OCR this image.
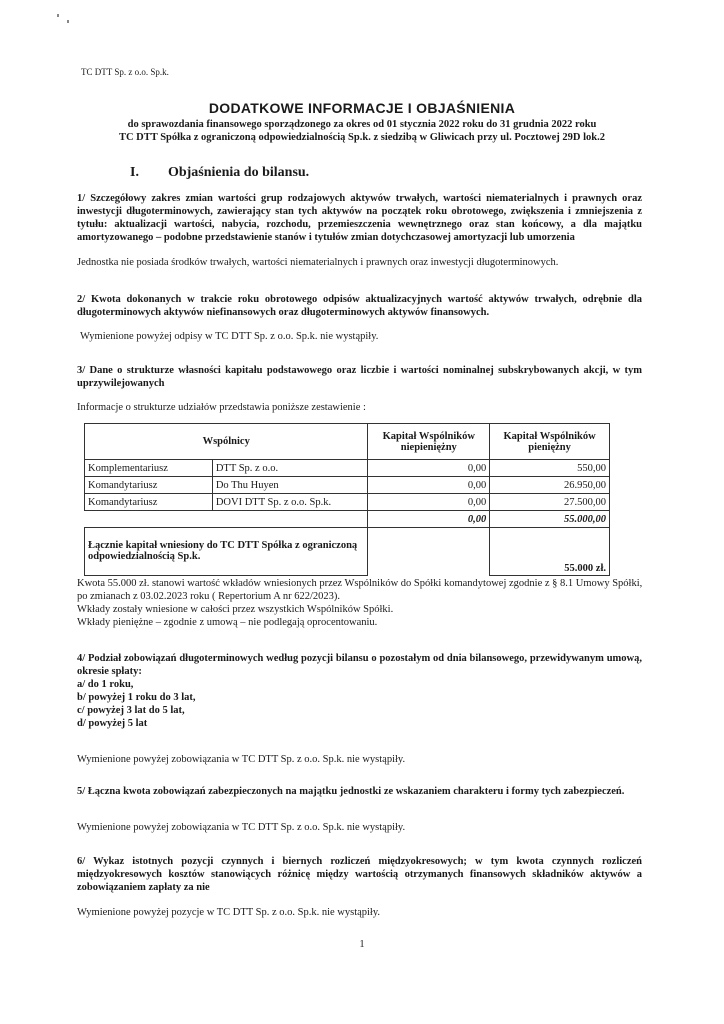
TC DTT Sp. z o.o. Sp.k.
DODATKOWE INFORMACJE I OBJAŚNIENIA
do sprawozdania finansowego sporządzonego za okres od 01 stycznia 2022 roku do 31 grudnia 2022 roku
TC DTT Spółka z ograniczoną odpowiedzialnością Sp.k. z siedzibą w Gliwicach przy ul. Pocztowej 29D lok.2
I. Objaśnienia do bilansu.
1/ Szczegółowy zakres zmian wartości grup rodzajowych aktywów trwałych, wartości niematerialnych i prawnych oraz inwestycji długoterminowych, zawierający stan tych aktywów na początek roku obrotowego, zwiększenia i zmniejszenia z tytułu: aktualizacji wartości, nabycia, rozchodu, przemieszczenia wewnętrznego oraz stan końcowy, a dla majątku amortyzowanego – podobne przedstawienie stanów i tytułów zmian dotychczasowej amortyzacji lub umorzenia
Jednostka nie posiada środków trwałych, wartości niematerialnych i prawnych oraz inwestycji długoterminowych.
2/ Kwota dokonanych w trakcie roku obrotowego odpisów aktualizacyjnych wartość aktywów trwałych, odrębnie dla długoterminowych aktywów niefinansowych oraz długoterminowych aktywów finansowych.
Wymienione powyżej odpisy w TC DTT Sp. z o.o. Sp.k. nie wystąpiły.
3/ Dane o strukturze własności kapitału podstawowego oraz liczbie i wartości nominalnej subskrybowanych akcji, w tym uprzywilejowanych
Informacje o strukturze udziałów przedstawia poniższe zestawienie :
Wspólnicy		Kapitał Wspólników niepieniężny	Kapitał Wspólników pieniężny
Komplementariusz	DTT Sp. z o.o.	0,00	550,00
Komandytariusz	Do Thu Huyen	0,00	26.950,00
Komandytariusz	DOVI DTT Sp. z o.o. Sp.k.	0,00	27.500,00
		0,00	55.000,00
Łącznie kapitał wniesiony do TC DTT Spółka z ograniczoną odpowiedzialnością Sp.k.			55.000 zł.
Kwota 55.000 zł. stanowi wartość wkładów wniesionych przez Wspólników do Spółki komandytowej zgodnie z § 8.1 Umowy Spółki, po zmianach z 03.02.2023 roku ( Repertorium A nr 622/2023).
Wkłady zostały wniesione w całości przez wszystkich Wspólników Spółki.
Wkłady pieniężne – zgodnie z umową – nie podlegają oprocentowaniu.
4/ Podział zobowiązań długoterminowych według pozycji bilansu o pozostałym od dnia bilansowego, przewidywanym umową, okresie spłaty:
a/ do 1 roku,
b/ powyżej 1 roku do 3 lat,
c/ powyżej 3 lat do 5 lat,
d/ powyżej 5 lat
Wymienione powyżej zobowiązania w TC DTT Sp. z o.o. Sp.k. nie wystąpiły.
5/ Łączna kwota zobowiązań zabezpieczonych na majątku jednostki ze wskazaniem charakteru i formy tych zabezpieczeń.
Wymienione powyżej zobowiązania w TC DTT Sp. z o.o. Sp.k. nie wystąpiły.
6/ Wykaz istotnych pozycji czynnych i biernych rozliczeń międzyokresowych; w tym kwota czynnych rozliczeń międzyokresowych kosztów stanowiących różnicę między wartością otrzymanych finansowych składników aktywów a zobowiązaniem zapłaty za nie
Wymienione powyżej pozycje w TC DTT Sp. z o.o. Sp.k. nie wystąpiły.
1
